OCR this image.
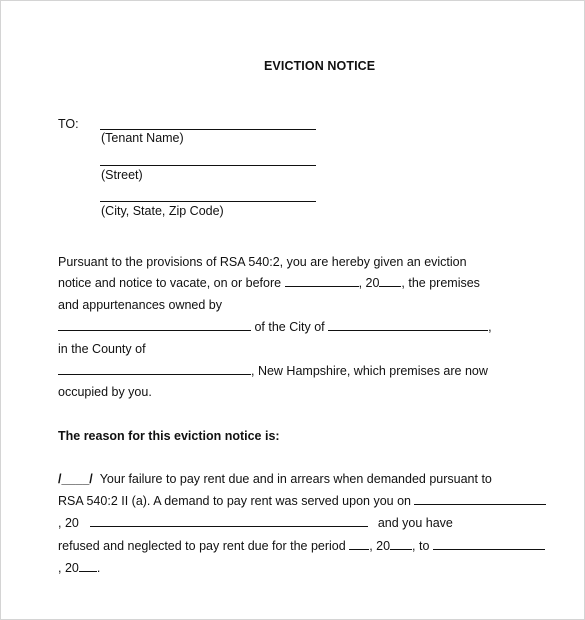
EVICTION NOTICE
TO:
(Tenant Name)
(Street)
(City, State, Zip Code)
Pursuant to the provisions of RSA 540:2, you are hereby given an eviction
notice and notice to vacate, on or before	, 20 , the premises
and appurtenances owned by
of the City of	,
in the County of
, New Hampshire, which premises are now
occupied by you.
The reason for this eviction notice is:
/____/ Your failure to pay rent due and in arrears when demanded pursuant to
RSA 540:2 II (a). A demand to pay rent was served upon you on
, 20	and you have
refused and neglected to pay rent due for the period , 20 , to
, 20 .
